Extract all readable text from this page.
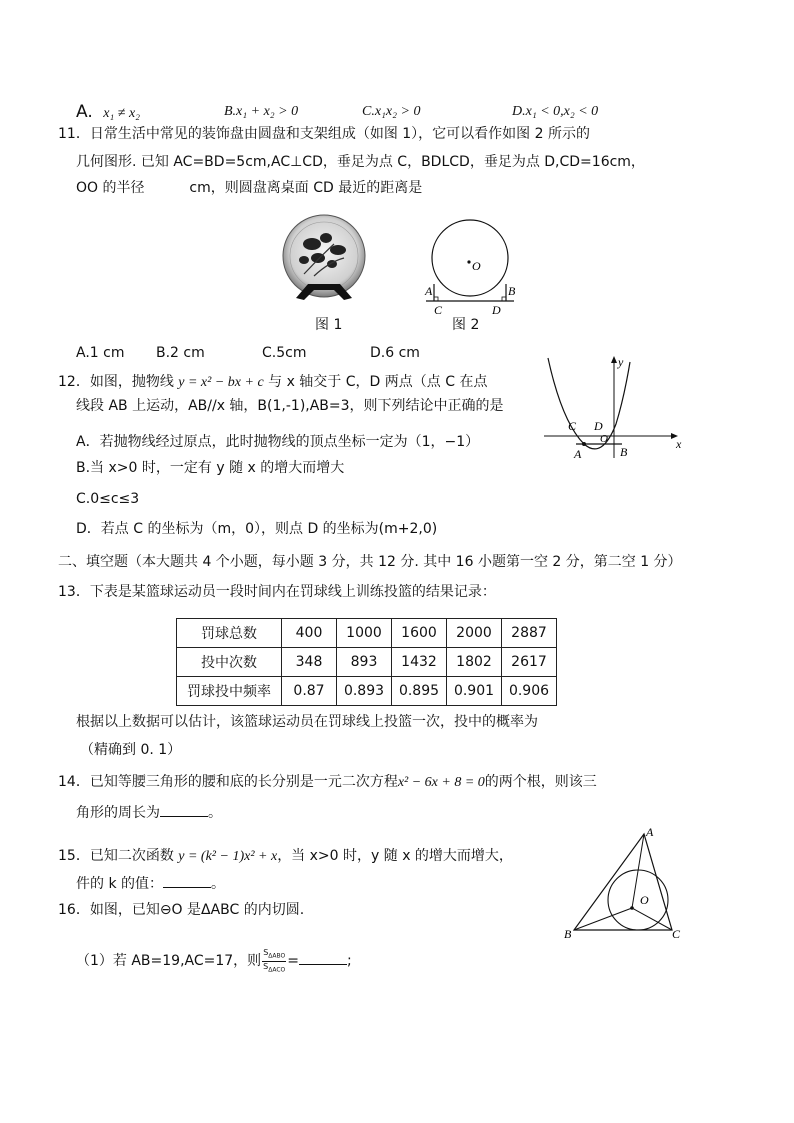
A. x₁ ≠ x₂	B.x₁ + x₂ > 0	C.x₁x₂ > 0	D.x₁ < 0,x₂ < 0
11．日常生活中常见的装饰盘由圆盘和支架组成（如图 1），它可以看作如图 2 所示的
几何图形. 已知 AC=BD=5cm,AC⊥CD，垂足为点 C，BDLCD，垂足为点 D,CD=16cm，
OO 的半径	cm，则圆盘离桌面 CD 最近的距离是
图 1
O
A	B
C	D
图 2
A.1 cm B.2 cm	C.5cm	D.6 cm
12．如图，抛物线 y = x² − bx + c 与 x 轴交于 C，D 两点（点 C 在点
线段 AB 上运动，AB//x 轴，B(1,-1),AB=3，则下列结论中正确的是
A．若抛物线经过原点，此时抛物线的顶点坐标一定为（1，−1）
B.当 x>0 时，一定有 y 随 x 的增大而增大
C.0≤c≤3
D．若点 C 的坐标为（m，0），则点 D 的坐标为(m+2,0)
y
x
C D
O
A	B
二、填空题（本大题共 4 个小题，每小题 3 分，共 12 分. 其中 16 小题第一空 2 分，第二空 1 分）
13．下表是某篮球运动员一段时间内在罚球线上训练投篮的结果记录：
罚球总数	400	1000	1600	2000	2887
投中次数	348	893	1432	1802	2617
罚球投中频率	0.87	0.893	0.895	0.901	0.906
根据以上数据可以估计，该篮球运动员在罚球线上投篮一次，投中的概率为
（精确到 0. 1）
14．已知等腰三角形的腰和底的长分别是一元二次方程x² − 6x + 8 = 0的两个根，则该三
角形的周长为	。
15．已知二次函数 y = (k² − 1)x² + x，当 x>0 时，y 随 x 的增大而增大，
件的 k 的值：	。
16．如图，已知⊖O 是ΔABC 的内切圆.
（1）若 AB=19,AC=17，则 $\frac{S_{\Delta ABO}}{S_{\Delta ACO}}$ =	;
A
B	C
O
